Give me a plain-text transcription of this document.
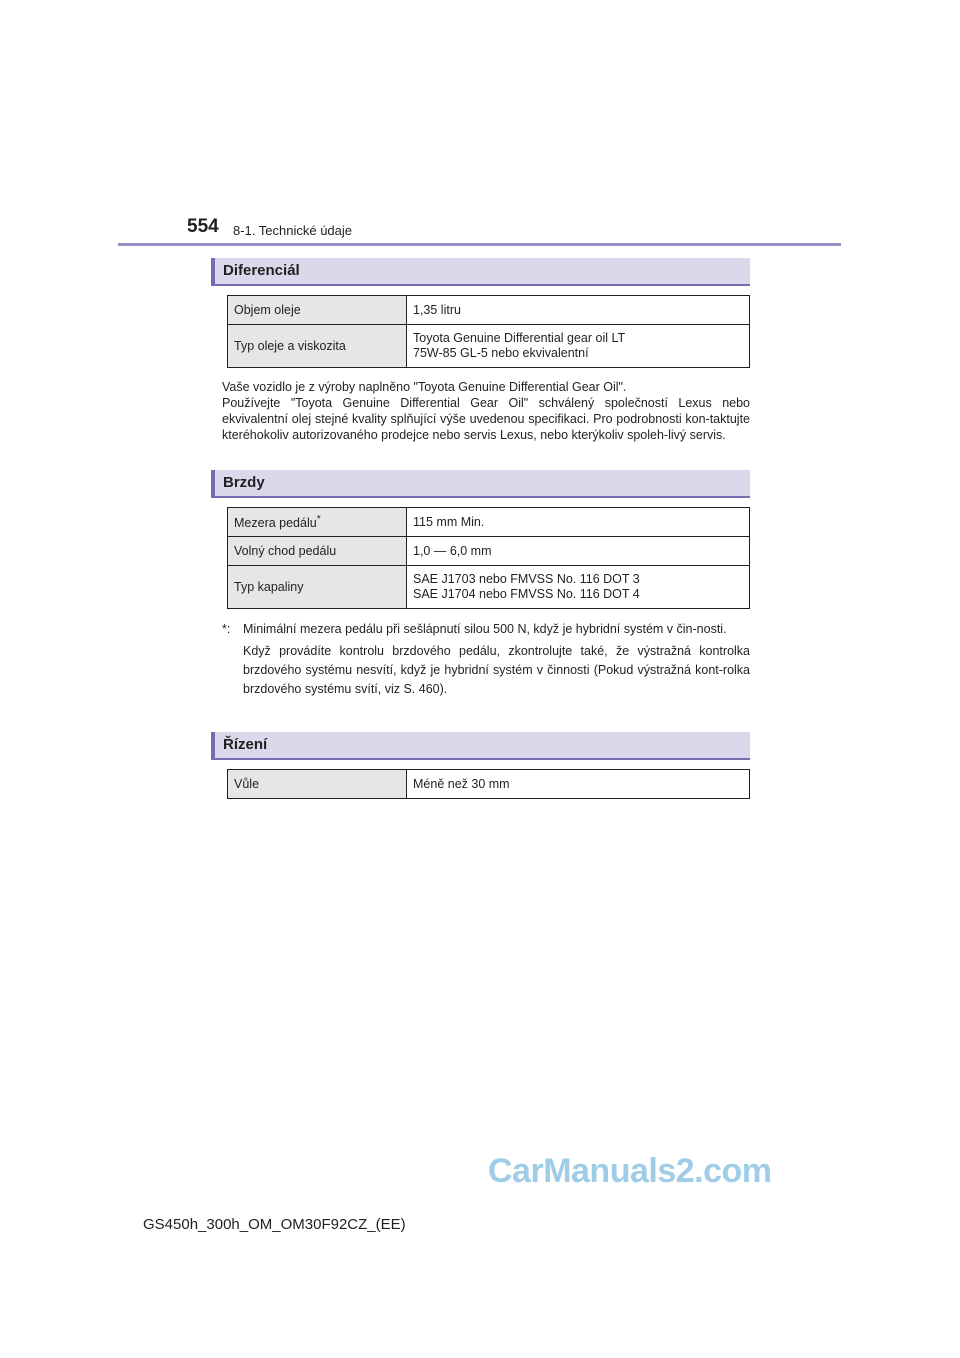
554 8-1. Technické údaje
Diferenciál
Objem oleje	1,35 litru
Typ oleje a viskozita	Toyota Genuine Differential gear oil LT
75W-85 GL-5 nebo ekvivalentní

Vaše vozidlo je z výroby naplněno "Toyota Genuine Differential Gear Oil".

Používejte "Toyota Genuine Differential Gear Oil" schválený společností Lexus nebo ekvivalentní olej stejné kvality splňující výše uvedenou specifikaci. Pro podrobnosti kon-taktujte kteréhokoliv autorizovaného prodejce nebo servis Lexus, nebo kterýkoliv spoleh-livý servis.

Brzdy
Mezera pedálu*	115 mm Min.
Volný chod pedálu	1,0 — 6,0 mm
Typ kapaliny	SAE J1703 nebo FMVSS No. 116 DOT 3
SAE J1704 nebo FMVSS No. 116 DOT 4
*: Minimální mezera pedálu při sešlápnutí silou 500 N, když je hybridní systém v čin-nosti.

Když provádíte kontrolu brzdového pedálu, zkontrolujte také, že výstražná kontrolka brzdového systému nesvítí, když je hybridní systém v činnosti (Pokud výstražná kont-rolka brzdového systému svítí, viz S. 460).

Řízení
Vůle	Méně než 30 mm
CarManuals2.com
GS450h_300h_OM_OM30F92CZ_(EE)
